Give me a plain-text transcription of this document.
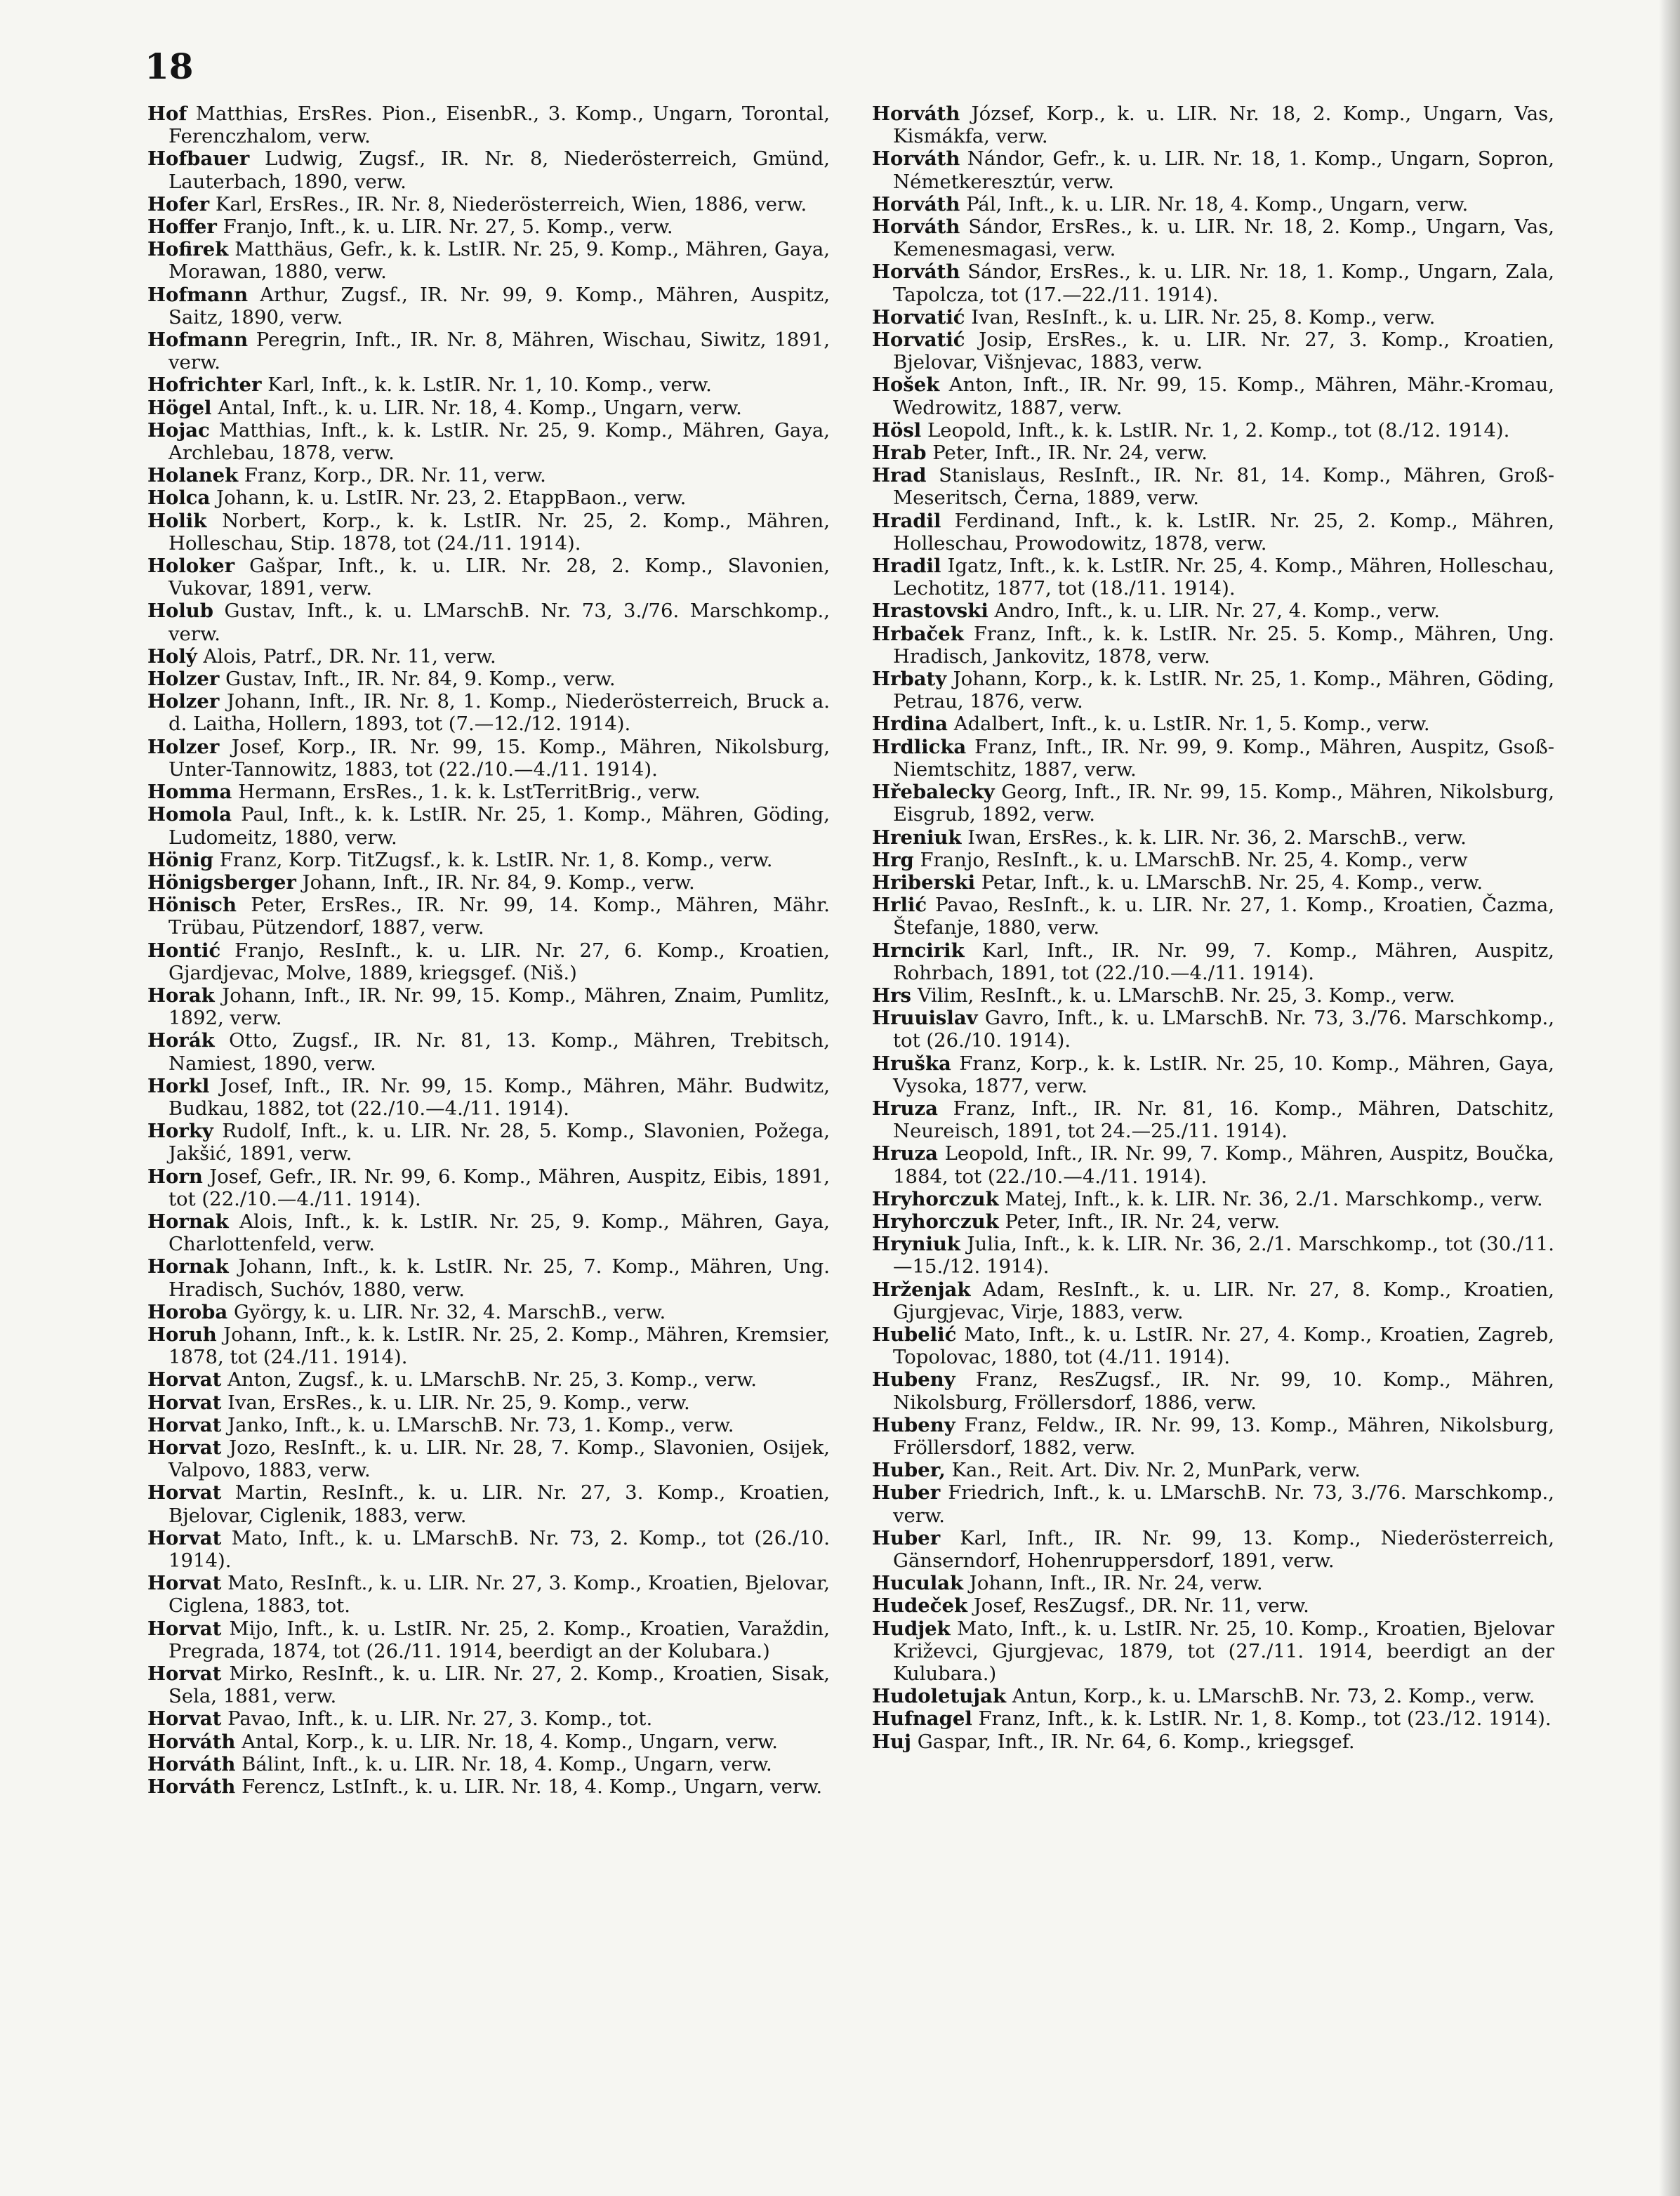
18

Hof Matthias, ErsRes. Pion., EisenbR., 3. Komp., Ungarn, Torontal, Ferenczhalom, verw.

Hofbauer Ludwig, Zugsf., IR. Nr. 8, Niederösterreich, Gmünd, Lauterbach, 1890, verw.

Hofer Karl, ErsRes., IR. Nr. 8, Niederösterreich, Wien, 1886, verw.

Hoffer Franjo, Inft., k. u. LIR. Nr. 27, 5. Komp., verw.

Hofirek Matthäus, Gefr., k. k. LstIR. Nr. 25, 9. Komp., Mähren, Gaya, Morawan, 1880, verw.

Hofmann Arthur, Zugsf., IR. Nr. 99, 9. Komp., Mähren, Auspitz, Saitz, 1890, verw.

Hofmann Peregrin, Inft., IR. Nr. 8, Mähren, Wischau, Siwitz, 1891, verw.

Hofrichter Karl, Inft., k. k. LstIR. Nr. 1, 10. Komp., verw.

Högel Antal, Inft., k. u. LIR. Nr. 18, 4. Komp., Ungarn, verw.

Hojac Matthias, Inft., k. k. LstIR. Nr. 25, 9. Komp., Mähren, Gaya, Archlebau, 1878, verw.

Holanek Franz, Korp., DR. Nr. 11, verw.

Holca Johann, k. u. LstIR. Nr. 23, 2. EtappBaon., verw.

Holik Norbert, Korp., k. k. LstIR. Nr. 25, 2. Komp., Mähren, Holleschau, Stip. 1878, tot (24./11. 1914).

Holoker Gašpar, Inft., k. u. LIR. Nr. 28, 2. Komp., Slavonien, Vukovar, 1891, verw.

Holub Gustav, Inft., k. u. LMarschB. Nr. 73, 3./76. Marschkomp., verw.

Holý Alois, Patrf., DR. Nr. 11, verw.

Holzer Gustav, Inft., IR. Nr. 84, 9. Komp., verw.

Holzer Johann, Inft., IR. Nr. 8, 1. Komp., Niederösterreich, Bruck a. d. Laitha, Hollern, 1893, tot (7.—12./12. 1914).

Holzer Josef, Korp., IR. Nr. 99, 15. Komp., Mähren, Nikolsburg, Unter-Tannowitz, 1883, tot (22./10.—4./11. 1914).

Homma Hermann, ErsRes., 1. k. k. LstTerritBrig., verw.

Homola Paul, Inft., k. k. LstIR. Nr. 25, 1. Komp., Mähren, Göding, Ludomeitz, 1880, verw.

Hönig Franz, Korp. TitZugsf., k. k. LstIR. Nr. 1, 8. Komp., verw.

Hönigsberger Johann, Inft., IR. Nr. 84, 9. Komp., verw.

Hönisch Peter, ErsRes., IR. Nr. 99, 14. Komp., Mähren, Mähr. Trübau, Pützendorf, 1887, verw.

Hontić Franjo, ResInft., k. u. LIR. Nr. 27, 6. Komp., Kroatien, Gjardjevac, Molve, 1889, kriegsgef. (Niš.)

Horak Johann, Inft., IR. Nr. 99, 15. Komp., Mähren, Znaim, Pumlitz, 1892, verw.

Horák Otto, Zugsf., IR. Nr. 81, 13. Komp., Mähren, Trebitsch, Namiest, 1890, verw.

Horkl Josef, Inft., IR. Nr. 99, 15. Komp., Mähren, Mähr. Budwitz, Budkau, 1882, tot (22./10.—4./11. 1914).

Horky Rudolf, Inft., k. u. LIR. Nr. 28, 5. Komp., Slavonien, Požega, Jakšić, 1891, verw.

Horn Josef, Gefr., IR. Nr. 99, 6. Komp., Mähren, Auspitz, Eibis, 1891, tot (22./10.—4./11. 1914).

Hornak Alois, Inft., k. k. LstIR. Nr. 25, 9. Komp., Mähren, Gaya, Charlottenfeld, verw.

Hornak Johann, Inft., k. k. LstIR. Nr. 25, 7. Komp., Mähren, Ung. Hradisch, Suchóv, 1880, verw.

Horoba György, k. u. LIR. Nr. 32, 4. MarschB., verw.

Horuh Johann, Inft., k. k. LstIR. Nr. 25, 2. Komp., Mähren, Kremsier, 1878, tot (24./11. 1914).

Horvat Anton, Zugsf., k. u. LMarschB. Nr. 25, 3. Komp., verw.

Horvat Ivan, ErsRes., k. u. LIR. Nr. 25, 9. Komp., verw.

Horvat Janko, Inft., k. u. LMarschB. Nr. 73, 1. Komp., verw.

Horvat Jozo, ResInft., k. u. LIR. Nr. 28, 7. Komp., Slavonien, Osijek, Valpovo, 1883, verw.

Horvat Martin, ResInft., k. u. LIR. Nr. 27, 3. Komp., Kroatien, Bjelovar, Ciglenik, 1883, verw.

Horvat Mato, Inft., k. u. LMarschB. Nr. 73, 2. Komp., tot (26./10. 1914).

Horvat Mato, ResInft., k. u. LIR. Nr. 27, 3. Komp., Kroatien, Bjelovar, Ciglena, 1883, tot.

Horvat Mijo, Inft., k. u. LstIR. Nr. 25, 2. Komp., Kroatien, Varaždin, Pregrada, 1874, tot (26./11. 1914, beerdigt an der Kolubara.)

Horvat Mirko, ResInft., k. u. LIR. Nr. 27, 2. Komp., Kroatien, Sisak, Sela, 1881, verw.

Horvat Pavao, Inft., k. u. LIR. Nr. 27, 3. Komp., tot.

Horváth Antal, Korp., k. u. LIR. Nr. 18, 4. Komp., Ungarn, verw.

Horváth Bálint, Inft., k. u. LIR. Nr. 18, 4. Komp., Ungarn, verw.

Horváth Ferencz, LstInft., k. u. LIR. Nr. 18, 4. Komp., Ungarn, verw.

Horváth József, Korp., k. u. LIR. Nr. 18, 2. Komp., Ungarn, Vas, Kismákfa, verw.

Horváth Nándor, Gefr., k. u. LIR. Nr. 18, 1. Komp., Ungarn, Sopron, Németkeresztúr, verw.

Horváth Pál, Inft., k. u. LIR. Nr. 18, 4. Komp., Ungarn, verw.

Horváth Sándor, ErsRes., k. u. LIR. Nr. 18, 2. Komp., Ungarn, Vas, Kemenesmagasi, verw.

Horváth Sándor, ErsRes., k. u. LIR. Nr. 18, 1. Komp., Ungarn, Zala, Tapolcza, tot (17.—22./11. 1914).

Horvatić Ivan, ResInft., k. u. LIR. Nr. 25, 8. Komp., verw.

Horvatić Josip, ErsRes., k. u. LIR. Nr. 27, 3. Komp., Kroatien, Bjelovar, Višnjevac, 1883, verw.

Hošek Anton, Inft., IR. Nr. 99, 15. Komp., Mähren, Mähr.-Kromau, Wedrowitz, 1887, verw.

Hösl Leopold, Inft., k. k. LstIR. Nr. 1, 2. Komp., tot (8./12. 1914).

Hrab Peter, Inft., IR. Nr. 24, verw.

Hrad Stanislaus, ResInft., IR. Nr. 81, 14. Komp., Mähren, Groß-Meseritsch, Černa, 1889, verw.

Hradil Ferdinand, Inft., k. k. LstIR. Nr. 25, 2. Komp., Mähren, Holleschau, Prowodowitz, 1878, verw.

Hradil Igatz, Inft., k. k. LstIR. Nr. 25, 4. Komp., Mähren, Holleschau, Lechotitz, 1877, tot (18./11. 1914).

Hrastovski Andro, Inft., k. u. LIR. Nr. 27, 4. Komp., verw.

Hrbaček Franz, Inft., k. k. LstIR. Nr. 25. 5. Komp., Mähren, Ung. Hradisch, Jankovitz, 1878, verw.

Hrbaty Johann, Korp., k. k. LstIR. Nr. 25, 1. Komp., Mähren, Göding, Petrau, 1876, verw.

Hrdina Adalbert, Inft., k. u. LstIR. Nr. 1, 5. Komp., verw.

Hrdlicka Franz, Inft., IR. Nr. 99, 9. Komp., Mähren, Auspitz, Gsoß-Niemtschitz, 1887, verw.

Hřebalecky Georg, Inft., IR. Nr. 99, 15. Komp., Mähren, Nikolsburg, Eisgrub, 1892, verw.

Hreniuk Iwan, ErsRes., k. k. LIR. Nr. 36, 2. MarschB., verw.

Hrg Franjo, ResInft., k. u. LMarschB. Nr. 25, 4. Komp., verw

Hriberski Petar, Inft., k. u. LMarschB. Nr. 25, 4. Komp., verw.

Hrlić Pavao, ResInft., k. u. LIR. Nr. 27, 1. Komp., Kroatien, Čazma, Štefanje, 1880, verw.

Hrncirik Karl, Inft., IR. Nr. 99, 7. Komp., Mähren, Auspitz, Rohrbach, 1891, tot (22./10.—4./11. 1914).

Hrs Vilim, ResInft., k. u. LMarschB. Nr. 25, 3. Komp., verw.

Hruuislav Gavro, Inft., k. u. LMarschB. Nr. 73, 3./76. Marschkomp., tot (26./10. 1914).

Hruška Franz, Korp., k. k. LstIR. Nr. 25, 10. Komp., Mähren, Gaya, Vysoka, 1877, verw.

Hruza Franz, Inft., IR. Nr. 81, 16. Komp., Mähren, Datschitz, Neureisch, 1891, tot 24.—25./11. 1914).

Hruza Leopold, Inft., IR. Nr. 99, 7. Komp., Mähren, Auspitz, Boučka, 1884, tot (22./10.—4./11. 1914).

Hryhorczuk Matej, Inft., k. k. LIR. Nr. 36, 2./1. Marschkomp., verw.

Hryhorczuk Peter, Inft., IR. Nr. 24, verw.

Hryniuk Julia, Inft., k. k. LIR. Nr. 36, 2./1. Marschkomp., tot (30./11.—15./12. 1914).

Hrženjak Adam, ResInft., k. u. LIR. Nr. 27, 8. Komp., Kroatien, Gjurgjevac, Virje, 1883, verw.

Hubelić Mato, Inft., k. u. LstIR. Nr. 27, 4. Komp., Kroatien, Zagreb, Topolovac, 1880, tot (4./11. 1914).

Hubeny Franz, ResZugsf., IR. Nr. 99, 10. Komp., Mähren, Nikolsburg, Fröllersdorf, 1886, verw.

Hubeny Franz, Feldw., IR. Nr. 99, 13. Komp., Mähren, Nikolsburg, Fröllersdorf, 1882, verw.

Huber, Kan., Reit. Art. Div. Nr. 2, MunPark, verw.

Huber Friedrich, Inft., k. u. LMarschB. Nr. 73, 3./76. Marschkomp., verw.

Huber Karl, Inft., IR. Nr. 99, 13. Komp., Niederösterreich, Gänserndorf, Hohenruppersdorf, 1891, verw.

Huculak Johann, Inft., IR. Nr. 24, verw.

Hudeček Josef, ResZugsf., DR. Nr. 11, verw.

Hudjek Mato, Inft., k. u. LstIR. Nr. 25, 10. Komp., Kroatien, Bjelovar Križevci, Gjurgjevac, 1879, tot (27./11. 1914, beerdigt an der Kulubara.)

Hudoletujak Antun, Korp., k. u. LMarschB. Nr. 73, 2. Komp., verw.

Hufnagel Franz, Inft., k. k. LstIR. Nr. 1, 8. Komp., tot (23./12. 1914).

Huj Gaspar, Inft., IR. Nr. 64, 6. Komp., kriegsgef.
